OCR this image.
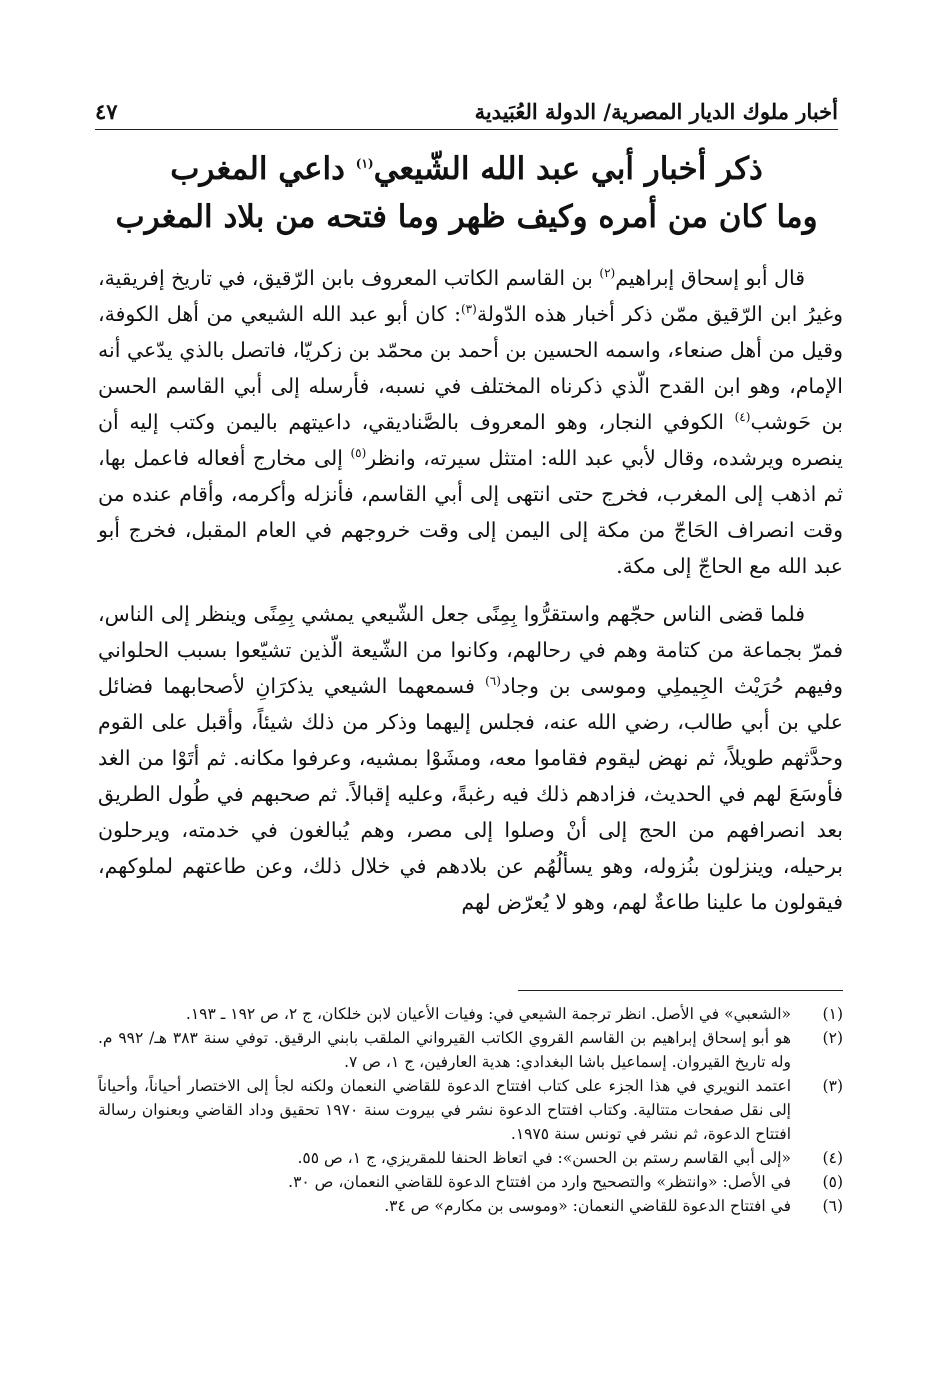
أخبار ملوك الديار المصرية/ الدولة العُبَيدية
٤٧
ذكر أخبار أبي عبد الله الشّيعي$^{(١)}$ داعي المغرب
وما كان من أمره وكيف ظهر وما فتحه من بلاد المغرب

قال أبو إسحاق إبراهيم$^{(٢)}$ بن القاسم الكاتب المعروف بابن الرّقيق، في تاريخ إفريقية، وغيرُ ابن الرّقيق ممّن ذكر أخبار هذه الدّولة$^{(٣)}$: كان أبو عبد الله الشيعي من أهل الكوفة، وقيل من أهل صنعاء، واسمه الحسين بن أحمد بن محمّد بن زكريّا، فاتصل بالذي يدّعي أنه الإمام، وهو ابن القدح الّذي ذكرناه المختلف في نسبه، فأرسله إلى أبي القاسم الحسن بن حَوشب$^{(٤)}$ الكوفي النجار، وهو المعروف بالصَّناديقي، داعيتهم باليمن وكتب إليه أن ينصره ويرشده، وقال لأبي عبد الله: امتثل سيرته، وانظر$^{(٥)}$ إلى مخارج أفعاله فاعمل بها، ثم اذهب إلى المغرب، فخرج حتى انتهى إلى أبي القاسم، فأنزله وأكرمه، وأقام عنده من وقت انصراف الحَاجّ من مكة إلى اليمن إلى وقت خروجهم في العام المقبل، فخرج أبو عبد الله مع الحاجّ إلى مكة.

فلما قضى الناس حجّهم واستقرُّوا بِمِنًى جعل الشّيعي يمشي بِمِنًى وينظر إلى الناس، فمرّ بجماعة من كتامة وهم في رحالهم، وكانوا من الشّيعة الّذين تشيّعوا بسبب الحلواني وفيهم حُرَيْث الجِيملِي وموسى بن وجاد$^{(٦)}$ فسمعهما الشيعي يذكرَانِ لأصحابهما فضائل علي بن أبي طالب، رضي الله عنه، فجلس إليهما وذكر من ذلك شيئاً، وأقبل على القوم وحدَّثهم طويلاً، ثم نهض ليقوم فقاموا معه، ومشَوْا بمشيه، وعرفوا مكانه. ثم أتَوْا من الغد فأوسَعَ لهم في الحديث، فزادهم ذلك فيه رغبةً، وعليه إقبالاً. ثم صحبهم في طُول الطريق بعد انصرافهم من الحج إلى أنْ وصلوا إلى مصر، وهم يُبالغون في خدمته، ويرحلون برحيله، وينزلون بنُزوله، وهو يسألُهُم عن بلادهم في خلال ذلك، وعن طاعتهم لملوكهم، فيقولون ما علينا طاعةٌ لهم، وهو لا يُعرّض لهم

(١)
«الشعبي» في الأصل. انظر ترجمة الشيعي في: وفيات الأعيان لابن خلكان، ج ٢، ص ١٩٢ ـ ١٩٣.
(٢)
هو أبو إسحاق إبراهيم بن القاسم القروي الكاتب القيرواني الملقب بابني الرقيق. توفي سنة ٣٨٣ هـ/ ٩٩٢ م. وله تاريخ القيروان. إسماعيل باشا البغدادي: هدية العارفين، ج ١، ص ٧.
(٣)
اعتمد النويري في هذا الجزء على كتاب افتتاح الدعوة للقاضي النعمان ولكنه لجأ إلى الاختصار أحياناً، وأحياناً إلى نقل صفحات متتالية. وكتاب افتتاح الدعوة نشر في بيروت سنة ١٩٧٠ تحقيق وداد القاضي وبعنوان رسالة افتتاح الدعوة، ثم نشر في تونس سنة ١٩٧٥.
(٤)
«إلى أبي القاسم رستم بن الحسن»: في اتعاظ الحنفا للمقريزي، ج ١، ص ٥٥.
(٥)
في الأصل: «وانتظر» والتصحيح وارد من افتتاح الدعوة للقاضي النعمان، ص ٣٠.
(٦)
في افتتاح الدعوة للقاضي النعمان: «وموسى بن مكارم» ص ٣٤.
